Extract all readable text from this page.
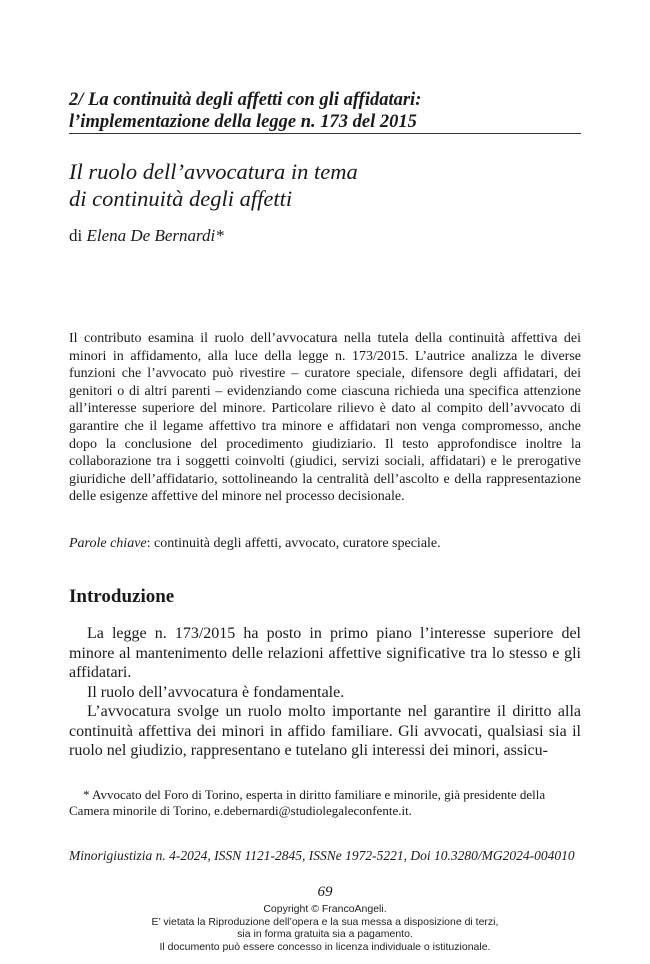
2/ La continuità degli affetti con gli affidatari:
l’implementazione della legge n. 173 del 2015
Il ruolo dell’avvocatura in tema
di continuità degli affetti
di Elena De Bernardi*

Il contributo esamina il ruolo dell’avvocatura nella tutela della continuità affettiva dei minori in affidamento, alla luce della legge n. 173/2015. L’autrice analizza le diverse funzioni che l’avvocato può rivestire – curatore speciale, difensore degli affidatari, dei genitori o di altri parenti – evidenziando come ciascuna richieda una specifica attenzione all’interesse superiore del minore. Particolare rilievo è dato al compito dell’avvocato di garantire che il legame affettivo tra minore e affidatari non venga compromesso, anche dopo la conclusione del procedimento giudiziario. Il testo approfondisce inoltre la collaborazione tra i soggetti coinvolti (giudici, servizi sociali, affidatari) e le prerogative giuridiche dell’affidatario, sottolineando la centralità dell’ascolto e della rappresentazione delle esigenze affettive del minore nel processo decisionale.

Parole chiave: continuità degli affetti, avvocato, curatore speciale.

Introduzione

La legge n. 173/2015 ha posto in primo piano l’interesse superiore del minore al mantenimento delle relazioni affettive significative tra lo stesso e gli affidatari.

Il ruolo dell’avvocatura è fondamentale.

L’avvocatura svolge un ruolo molto importante nel garantire il diritto alla continuità affettiva dei minori in affido familiare. Gli avvocati, qualsiasi sia il ruolo nel giudizio, rappresentano e tutelano gli interessi dei minori, assicu-

* Avvocato del Foro di Torino, esperta in diritto familiare e minorile, già presidente della Camera minorile di Torino, e.debernardi@studiolegaleconfente.it.

Minorigiustizia n. 4-2024, ISSN 1121-2845, ISSNe 1972-5221, Doi 10.3280/MG2024-004010

69
Copyright © FrancoAngeli.
E’ vietata la Riproduzione dell’opera e la sua messa a disposizione di terzi,
sia in forma gratuita sia a pagamento.
Il documento può essere concesso in licenza individuale o istituzionale.
